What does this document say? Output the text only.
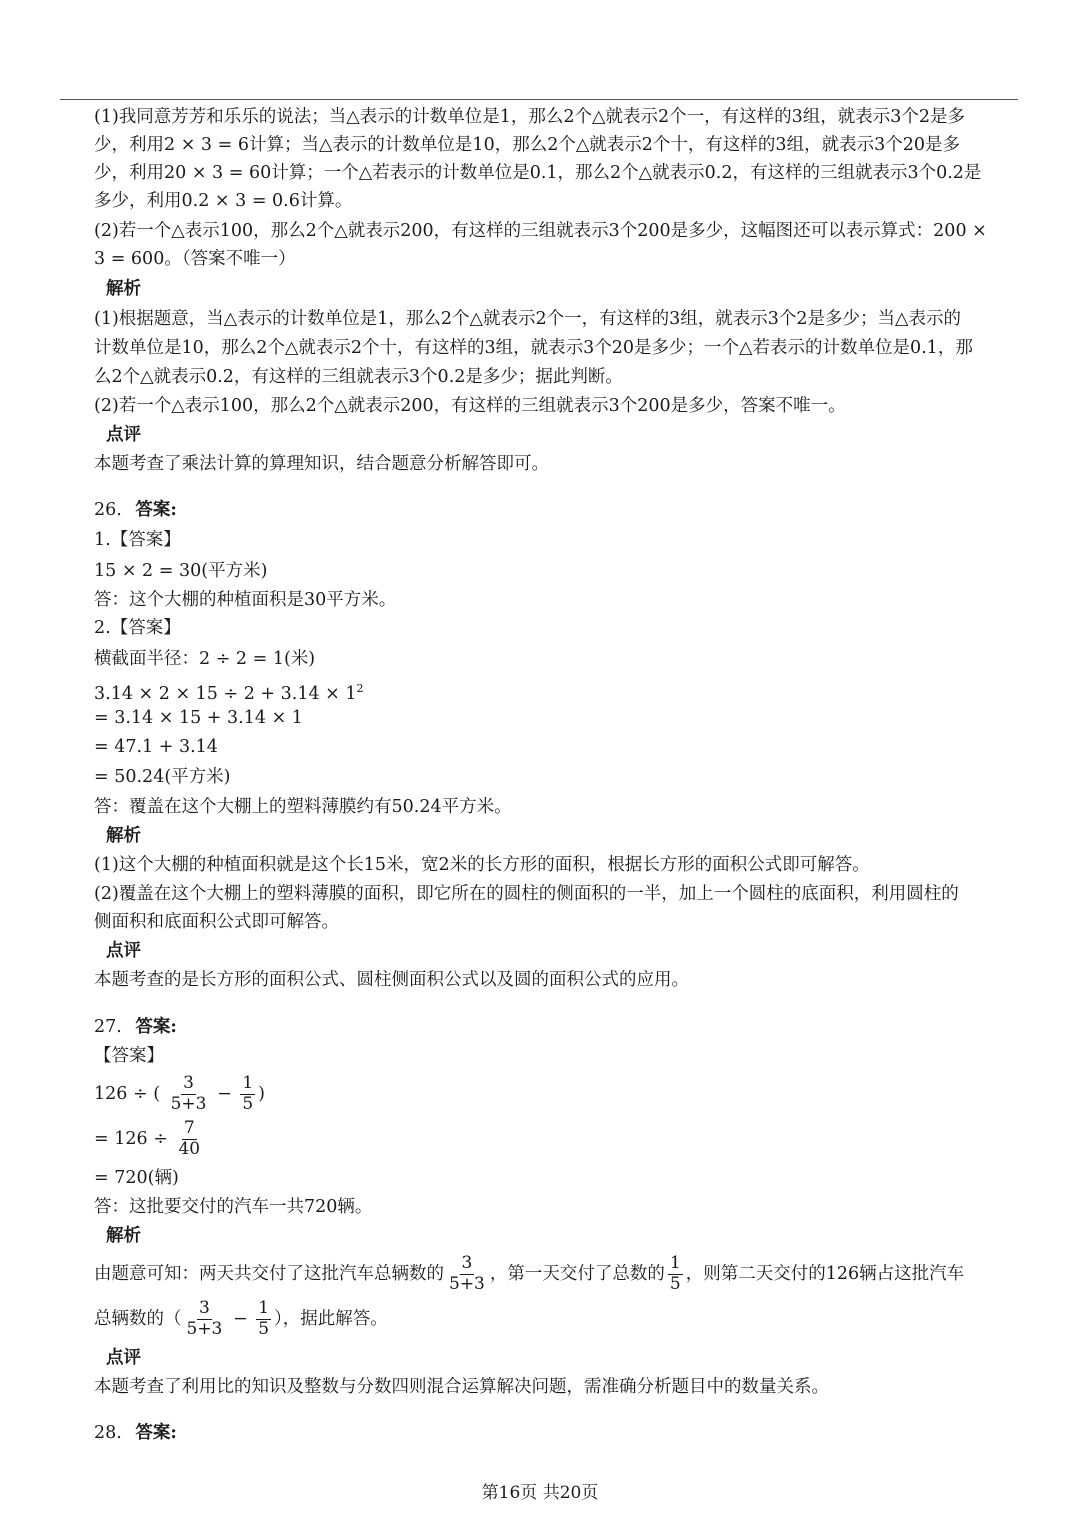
(1)我同意芳芳和乐乐的说法；当△表示的计数单位是1，那么2个△就表示2个一，有这样的3组，就表示3个2是多
少，利用2 × 3 = 6计算；当△表示的计数单位是10，那么2个△就表示2个十，有这样的3组，就表示3个20是多
少，利用20 × 3 = 60计算；一个△若表示的计数单位是0.1，那么2个△就表示0.2，有这样的三组就表示3个0.2是
多少，利用0.2 × 3 = 0.6计算。
(2)若一个△表示100，那么2个△就表示200，有这样的三组就表示3个200是多少，这幅图还可以表示算式：200 ×
3 = 600。（答案不唯一）
解析
(1)根据题意，当△表示的计数单位是1，那么2个△就表示2个一，有这样的3组，就表示3个2是多少；当△表示的
计数单位是10，那么2个△就表示2个十，有这样的3组，就表示3个20是多少；一个△若表示的计数单位是0.1，那
么2个△就表示0.2，有这样的三组就表示3个0.2是多少；据此判断。
(2)若一个△表示100，那么2个△就表示200，有这样的三组就表示3个200是多少，答案不唯一。
点评
本题考查了乘法计算的算理知识，结合题意分析解答即可。
26. 答案:
1.【答案】
15 × 2 = 30(平方米)
答：这个大棚的种植面积是30平方米。
2.【答案】
横截面半径：2 ÷ 2 = 1(米)
$3.14 \times 2 \times 15 \div 2 + 3.14 \times 1^2$
= 3.14 × 15 + 3.14 × 1
= 47.1 + 3.14
= 50.24(平方米)
答：覆盖在这个大棚上的塑料薄膜约有50.24平方米。
解析
(1)这个大棚的种植面积就是这个长15米，宽2米的长方形的面积，根据长方形的面积公式即可解答。
(2)覆盖在这个大棚上的塑料薄膜的面积，即它所在的圆柱的侧面积的一半，加上一个圆柱的底面积，利用圆柱的
侧面积和底面积公式即可解答。
点评
本题考查的是长方形的面积公式、圆柱侧面积公式以及圆的面积公式的应用。
27. 答案:
【答案】
126 ÷ ( $\frac{3}{5+3} - \frac{1}{5}$ )
= $126 \div \frac{7}{40}$
= 720(辆)
答：这批要交付的汽车一共720辆。
解析
由题意可知：两天共交付了这批汽车总辆数的 $\frac{3}{5+3}$ ，第一天交付了总数的 $\frac{1}{5}$ ，则第二天交付的126辆占这批汽车
总辆数的（ $\frac{3}{5+3} - \frac{1}{5}$ ），据此解答。
点评
本题考查了利用比的知识及整数与分数四则混合运算解决问题，需准确分析题目中的数量关系。
28. 答案:
第16页 共20页
